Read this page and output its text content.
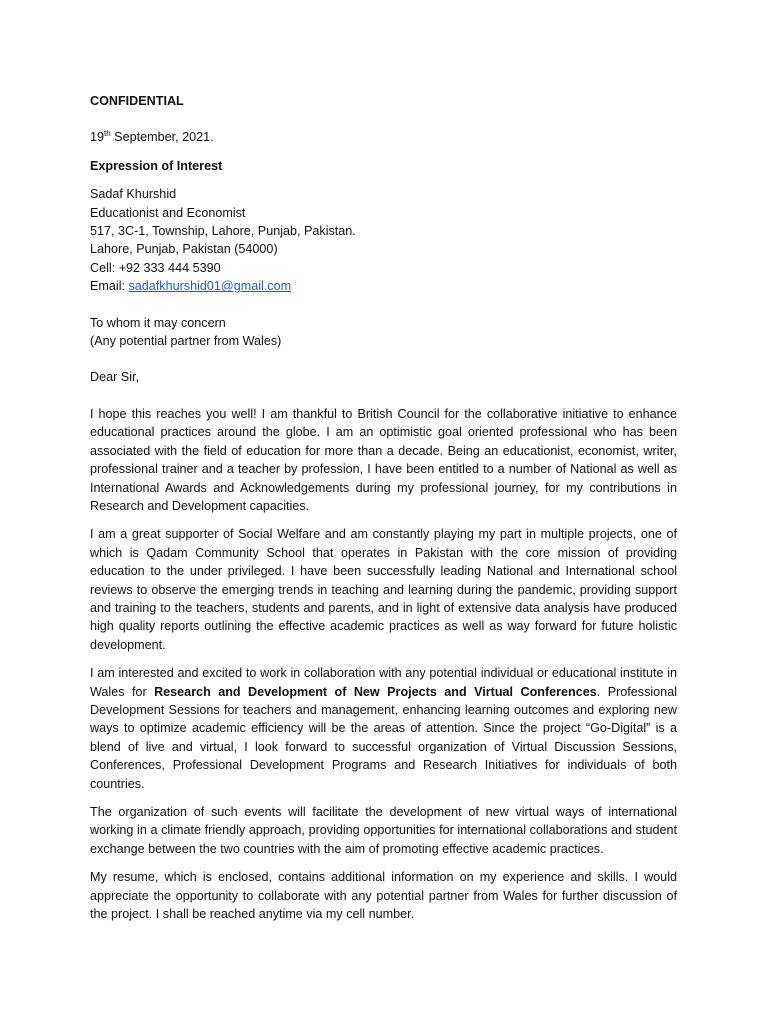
CONFIDENTIAL

19th September, 2021.

Expression of Interest

Sadaf Khurshid
Educationist and Economist
517, 3C-1, Township, Lahore, Punjab, Pakistan.
Lahore, Punjab, Pakistan (54000)
Cell: +92 333 444 5390
Email: sadafkhurshid01@gmail.com
To whom it may concern
(Any potential partner from Wales)

Dear Sir,

I hope this reaches you well! I am thankful to British Council for the collaborative initiative to enhance educational practices around the globe. I am an optimistic goal oriented professional who has been associated with the field of education for more than a decade. Being an educationist, economist, writer, professional trainer and a teacher by profession, I have been entitled to a number of National as well as International Awards and Acknowledgements during my professional journey, for my contributions in Research and Development capacities.

I am a great supporter of Social Welfare and am constantly playing my part in multiple projects, one of which is Qadam Community School that operates in Pakistan with the core mission of providing education to the under privileged. I have been successfully leading National and International school reviews to observe the emerging trends in teaching and learning during the pandemic, providing support and training to the teachers, students and parents, and in light of extensive data analysis have produced high quality reports outlining the effective academic practices as well as way forward for future holistic development.

I am interested and excited to work in collaboration with any potential individual or educational institute in Wales for Research and Development of New Projects and Virtual Conferences. Professional Development Sessions for teachers and management, enhancing learning outcomes and exploring new ways to optimize academic efficiency will be the areas of attention. Since the project “Go-Digital” is a blend of live and virtual, I look forward to successful organization of Virtual Discussion Sessions, Conferences, Professional Development Programs and Research Initiatives for individuals of both countries.

The organization of such events will facilitate the development of new virtual ways of international working in a climate friendly approach, providing opportunities for international collaborations and student exchange between the two countries with the aim of promoting effective academic practices.

My resume, which is enclosed, contains additional information on my experience and skills. I would appreciate the opportunity to collaborate with any potential partner from Wales for further discussion of the project. I shall be reached anytime via my cell number.
